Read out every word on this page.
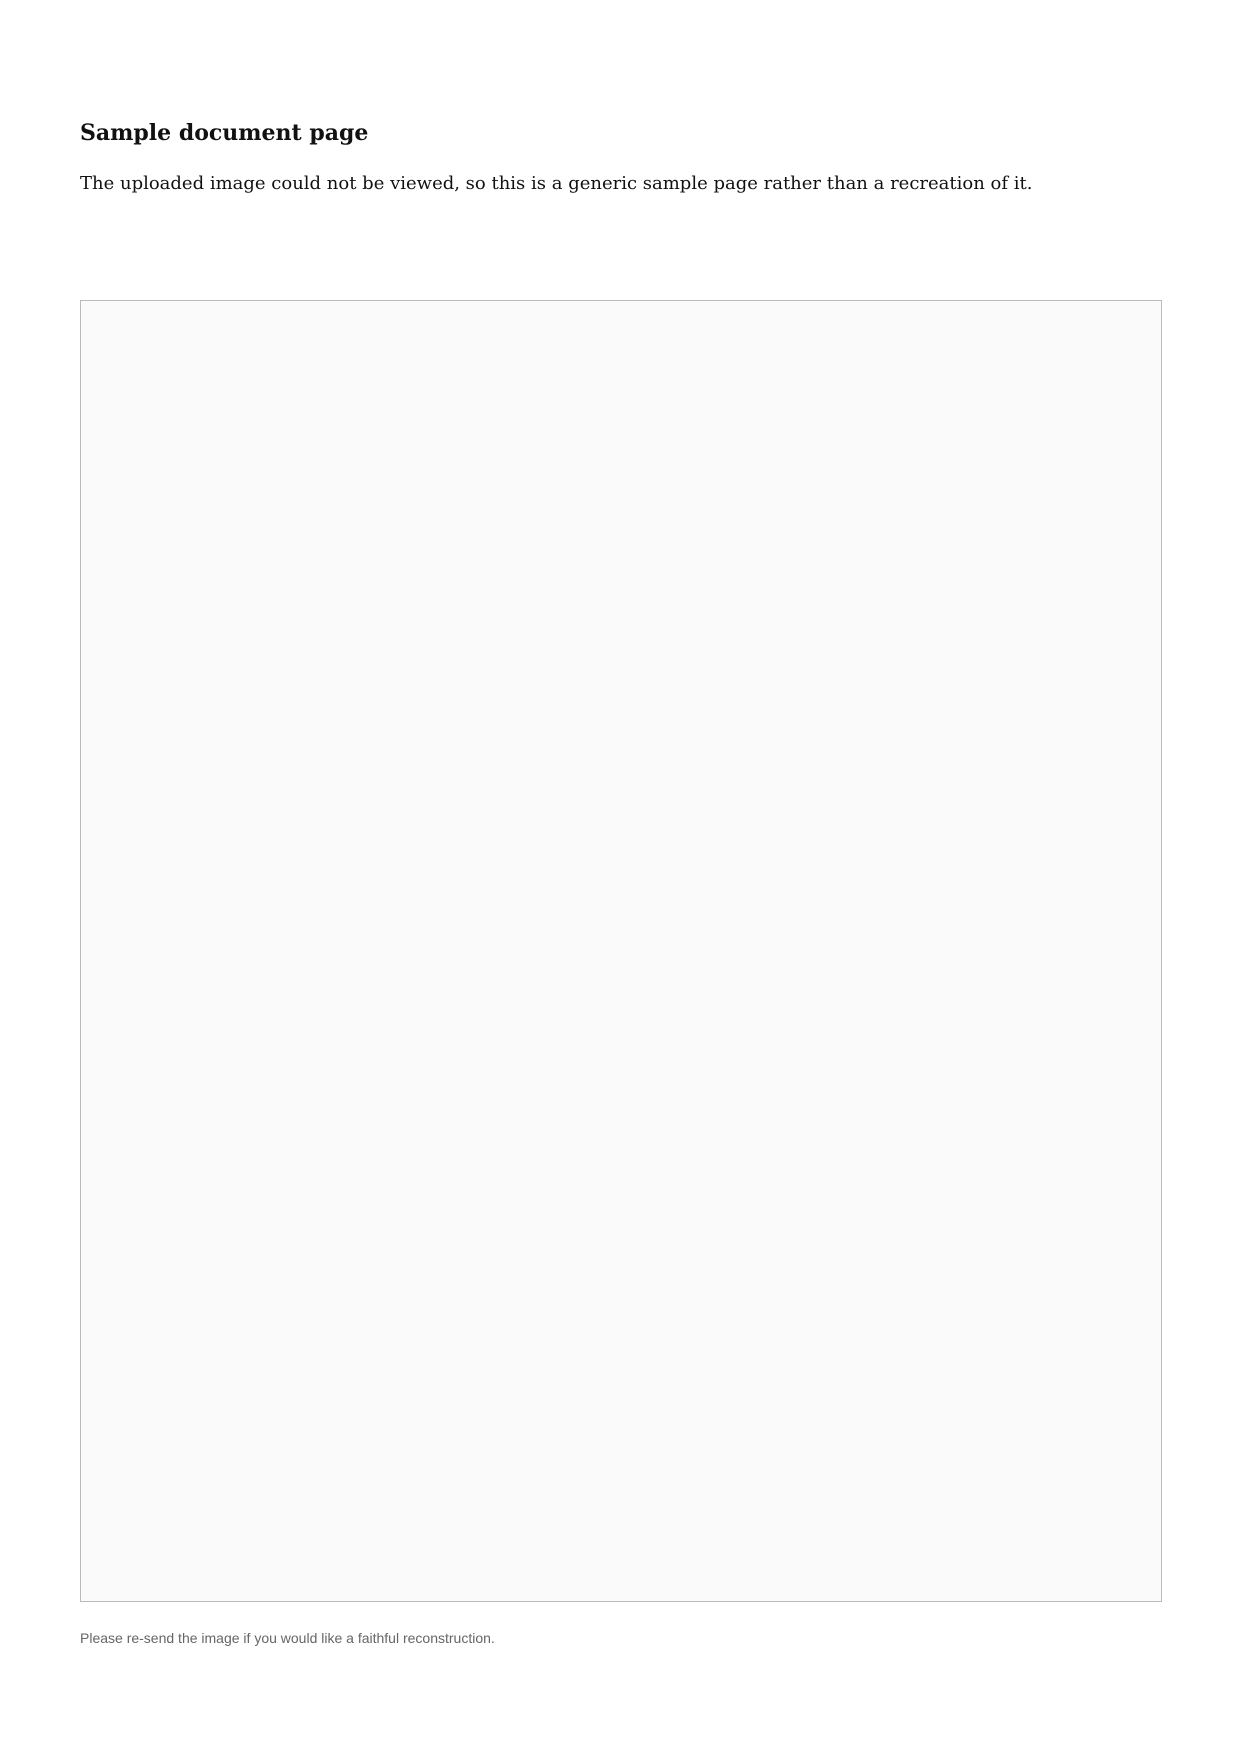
Sample document page
The uploaded image could not be viewed, so this is a generic sample page rather than a recreation of it.
Please re-send the image if you would like a faithful reconstruction.
